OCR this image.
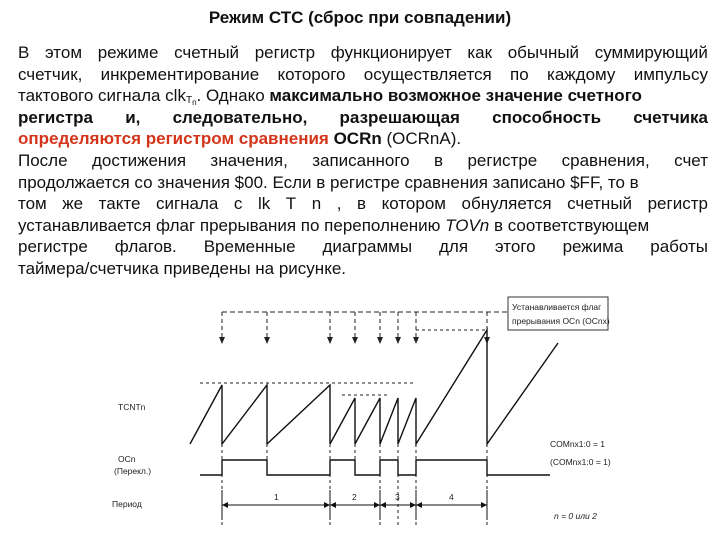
Режим СТС (сброс при совпадении)
В этом режиме счетный регистр функционирует как обычный суммирующий
счетчик, инкрементирование которого осуществляется по каждому импульсу
тактового сигнала clk T n . Однако максимально возможное значение счетного
регистра и, следовательно, разрешающая способность счетчика
определяются регистром сравнения OCRn (OCRnA).
После достижения значения, записанного в регистре сравнения, счет
продолжается со значения $00. Если в регистре сравнения записано $FF, то в
том же такте сигнала с lk T n , в котором обнуляется счетный регистр
устанавливается флаг прерывания по переполнению TOVn в соответствующем
регистре флагов. Временные диаграммы для этого режима работы
таймера/счетчика приведены на рисунке.
Устанавливается флаг
прерывания OCn (OCnx)
TCNTn
OCn
(Перекл.)
COMnx1:0 = 1
(COMnx1:0 = 1)
Период
1	2	3	4
n = 0 или 2
